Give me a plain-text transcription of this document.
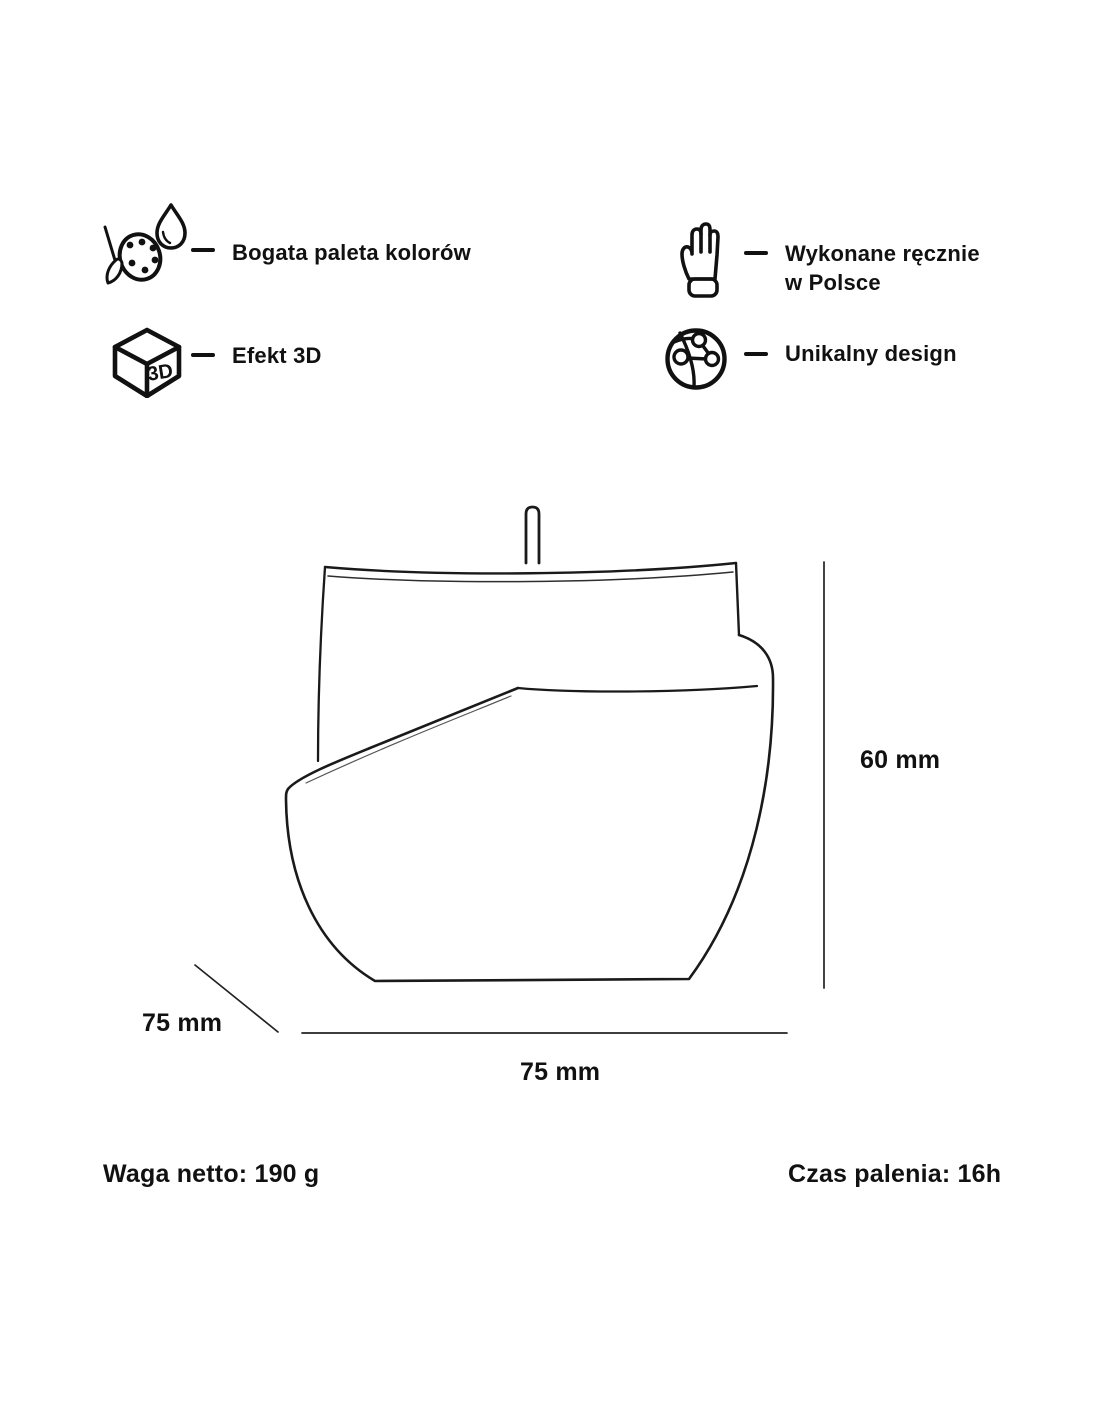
Bogata paleta kolorów	Wykonane ręcznie w Polsce
3D
Efekt 3D	Unikalny design
60 mm
75 mm
75 mm
Waga netto: 190 g	Czas palenia: 16h
